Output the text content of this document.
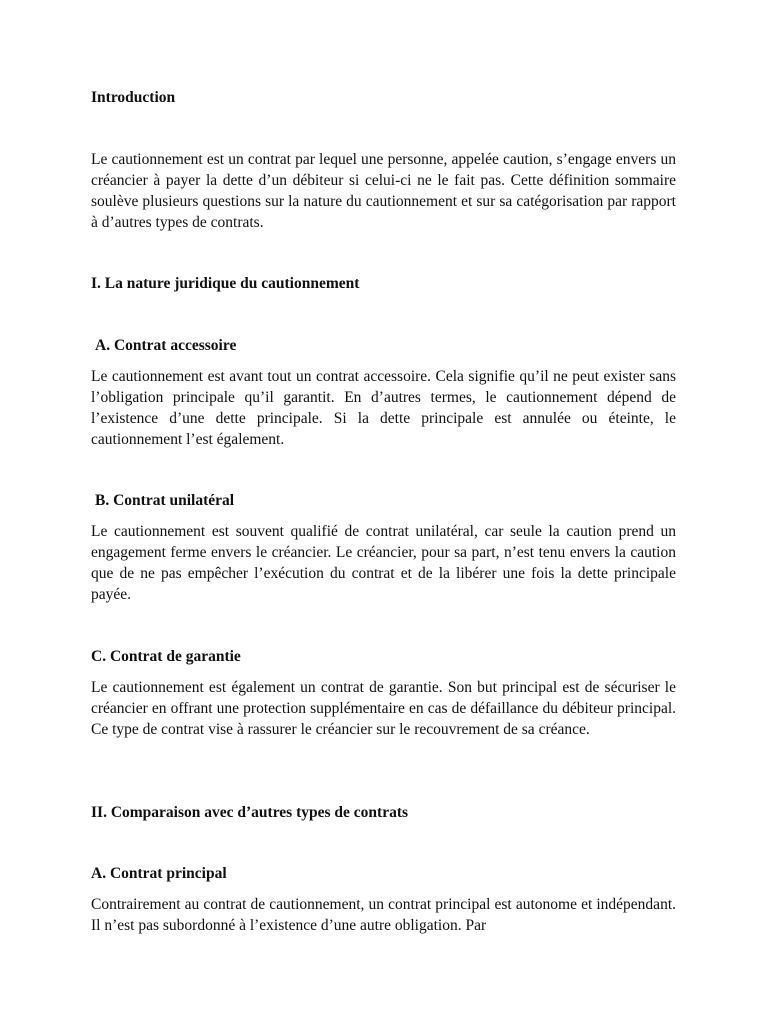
Introduction

Le cautionnement est un contrat par lequel une personne, appelée caution, s’engage envers un créancier à payer la dette d’un débiteur si celui-ci ne le fait pas. Cette définition sommaire soulève plusieurs questions sur la nature du cautionnement et sur sa catégorisation par rapport à d’autres types de contrats.

I. La nature juridique du cautionnement
A. Contrat accessoire

Le cautionnement est avant tout un contrat accessoire. Cela signifie qu’il ne peut exister sans l’obligation principale qu’il garantit. En d’autres termes, le cautionnement dépend de l’existence d’une dette principale. Si la dette principale est annulée ou éteinte, le cautionnement l’est également.

B. Contrat unilatéral

Le cautionnement est souvent qualifié de contrat unilatéral, car seule la caution prend un engagement ferme envers le créancier. Le créancier, pour sa part, n’est tenu envers la caution que de ne pas empêcher l’exécution du contrat et de la libérer une fois la dette principale payée.

C. Contrat de garantie

Le cautionnement est également un contrat de garantie. Son but principal est de sécuriser le créancier en offrant une protection supplémentaire en cas de défaillance du débiteur principal. Ce type de contrat vise à rassurer le créancier sur le recouvrement de sa créance.

II. Comparaison avec d’autres types de contrats
A. Contrat principal

Contrairement au contrat de cautionnement, un contrat principal est autonome et indépendant. Il n’est pas subordonné à l’existence d’une autre obligation. Par
